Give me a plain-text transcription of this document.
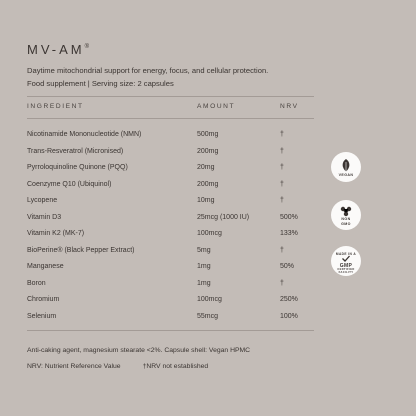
MV-AM®
Daytime mitochondrial support for energy, focus, and cellular protection.
Food supplement | Serving size: 2 capsules
INGREDIENT	AMOUNT	NRV
Nicotinamide Mononucleotide (NMN)	500mg	†
Trans-Resveratrol (Micronised)	200mg	†
Pyrroloquinoline Quinone (PQQ)	20mg	†
Coenzyme Q10 (Ubiquinol)	200mg	†
Lycopene	10mg	†
Vitamin D3	25mcg (1000 IU)	500%
Vitamin K2 (MK-7)	100mcg	133%
BioPerine® (Black Pepper Extract)	5mg	†
Manganese	1mg	50%
Boron	1mg	†
Chromium	100mcg	250%
Selenium	55mcg	100%
Anti-caking agent, magnesium stearate <2%. Capsule shell: Vegan HPMC
NRV: Nutrient Reference Value	†NRV not established
VEGAN
NON
GMO
MADE IN A
GMP
CERTIFIED FACILITY
